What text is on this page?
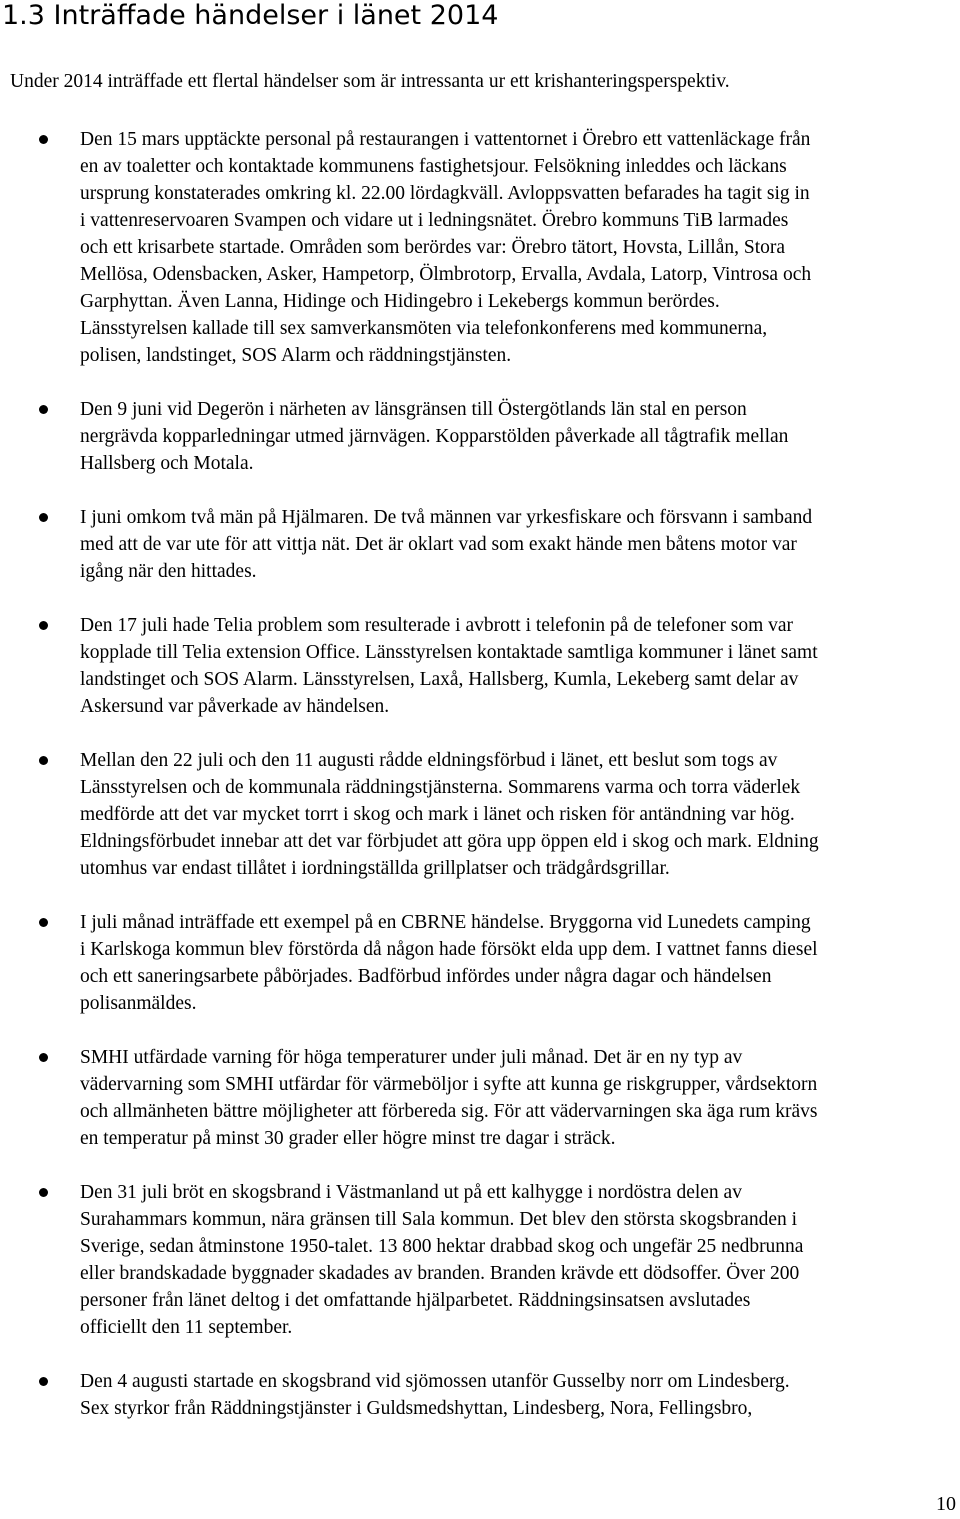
1.3 Inträffade händelser i länet 2014

Under 2014 inträffade ett flertal händelser som är intressanta ur ett krishanteringsperspektiv.

Den 15 mars upptäckte personal på restaurangen i vattentornet i Örebro ett vattenläckage från
en av toaletter och kontaktade kommunens fastighetsjour. Felsökning inleddes och läckans
ursprung konstaterades omkring kl. 22.00 lördagkväll. Avloppsvatten befarades ha tagit sig in
i vattenreservoaren Svampen och vidare ut i ledningsnätet. Örebro kommuns TiB larmades
och ett krisarbete startade. Områden som berördes var: Örebro tätort, Hovsta, Lillån, Stora
Mellösa, Odensbacken, Asker, Hampetorp, Ölmbrotorp, Ervalla, Avdala, Latorp, Vintrosa och
Garphyttan. Även Lanna, Hidinge och Hidingebro i Lekebergs kommun berördes.
Länsstyrelsen kallade till sex samverkansmöten via telefonkonferens med kommunerna,
polisen, landstinget, SOS Alarm och räddningstjänsten.
Den 9 juni vid Degerön i närheten av länsgränsen till Östergötlands län stal en person
nergrävda kopparledningar utmed järnvägen. Kopparstölden påverkade all tågtrafik mellan
Hallsberg och Motala.
I juni omkom två män på Hjälmaren. De två männen var yrkesfiskare och försvann i samband
med att de var ute för att vittja nät. Det är oklart vad som exakt hände men båtens motor var
igång när den hittades.
Den 17 juli hade Telia problem som resulterade i avbrott i telefonin på de telefoner som var
kopplade till Telia extension Office. Länsstyrelsen kontaktade samtliga kommuner i länet samt
landstinget och SOS Alarm. Länsstyrelsen, Laxå, Hallsberg, Kumla, Lekeberg samt delar av
Askersund var påverkade av händelsen.
Mellan den 22 juli och den 11 augusti rådde eldningsförbud i länet, ett beslut som togs av
Länsstyrelsen och de kommunala räddningstjänsterna. Sommarens varma och torra väderlek
medförde att det var mycket torrt i skog och mark i länet och risken för antändning var hög.
Eldningsförbudet innebar att det var förbjudet att göra upp öppen eld i skog och mark. Eldning
utomhus var endast tillåtet i iordningställda grillplatser och trädgårdsgrillar.
I juli månad inträffade ett exempel på en CBRNE händelse. Bryggorna vid Lunedets camping
i Karlskoga kommun blev förstörda då någon hade försökt elda upp dem. I vattnet fanns diesel
och ett saneringsarbete påbörjades. Badförbud infördes under några dagar och händelsen
polisanmäldes.
SMHI utfärdade varning för höga temperaturer under juli månad. Det är en ny typ av
vädervarning som SMHI utfärdar för värmeböljor i syfte att kunna ge riskgrupper, vårdsektorn
och allmänheten bättre möjligheter att förbereda sig. För att vädervarningen ska äga rum krävs
en temperatur på minst 30 grader eller högre minst tre dagar i sträck.
Den 31 juli bröt en skogsbrand i Västmanland ut på ett kalhygge i nordöstra delen av
Surahammars kommun, nära gränsen till Sala kommun. Det blev den största skogsbranden i
Sverige, sedan åtminstone 1950-talet. 13 800 hektar drabbad skog och ungefär 25 nedbrunna
eller brandskadade byggnader skadades av branden. Branden krävde ett dödsoffer. Över 200
personer från länet deltog i det omfattande hjälparbetet. Räddningsinsatsen avslutades
officiellt den 11 september.
Den 4 augusti startade en skogsbrand vid sjömossen utanför Gusselby norr om Lindesberg.
Sex styrkor från Räddningstjänster i Guldsmedshyttan, Lindesberg, Nora, Fellingsbro,

10
